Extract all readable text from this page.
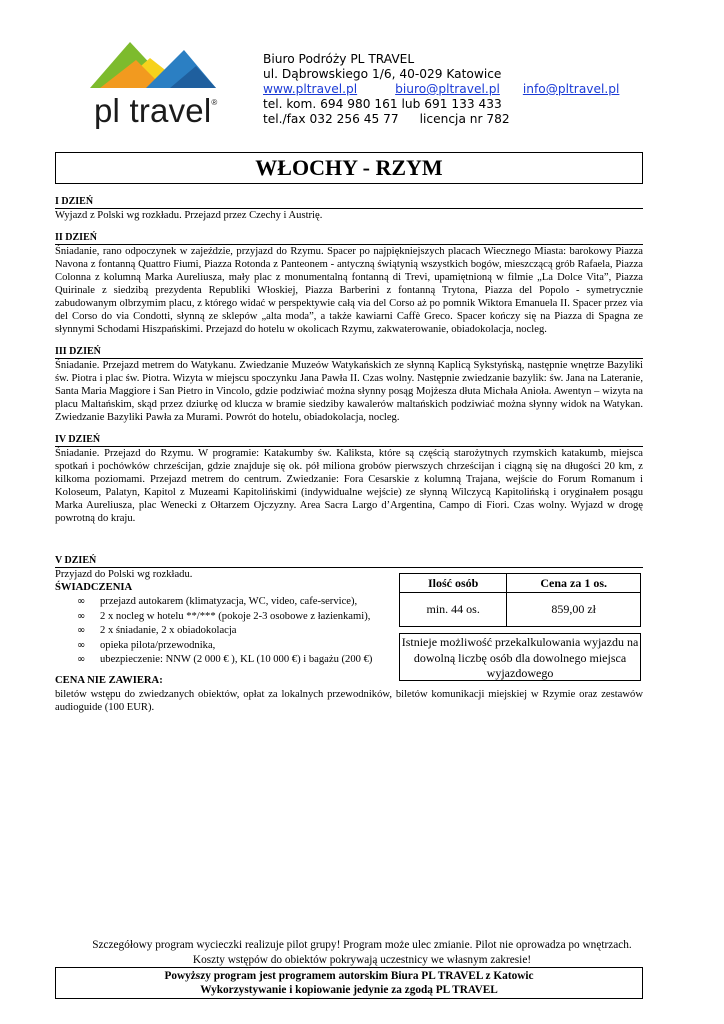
pl travel®
Biuro Podróży PL TRAVEL
ul. Dąbrowskiego 1/6, 40-029 Katowice
www.pltravel.pl	biuro@pltravel.pl info@pltravel.pl
tel. kom. 694 980 161 lub 691 133 433
tel./fax 032 256 45 77 licencja nr 782
WŁOCHY - RZYM
I DZIEŃ
Wyjazd z Polski wg rozkładu. Przejazd przez Czechy i Austrię.
II DZIEŃ
Śniadanie, rano odpoczynek w zajeździe, przyjazd do Rzymu. Spacer po najpiękniejszych placach Wiecznego Miasta: barokowy Piazza Navona z fontanną Quattro Fiumi, Piazza Rotonda z Panteonem - antyczną świątynią wszystkich bogów, mieszczącą grób Rafaela, Piazza Colonna z kolumną Marka Aureliusza, mały plac z monumentalną fontanną di Trevi, upamiętnioną w filmie „La Dolce Vita”, Piazza Quirinale z siedzibą prezydenta Republiki Włoskiej, Piazza Barberini z fontanną Trytona, Piazza del Popolo - symetrycznie zabudowanym olbrzymim placu, z którego widać w perspektywie całą via del Corso aż po pomnik Wiktora Emanuela II. Spacer przez via del Corso do via Condotti, słynną ze sklepów „alta moda”, a także kawiarni Caffè Greco. Spacer kończy się na Piazza di Spagna ze słynnymi Schodami Hiszpańskimi. Przejazd do hotelu w okolicach Rzymu, zakwaterowanie, obiadokolacja, nocleg.
III DZIEŃ
Śniadanie. Przejazd metrem do Watykanu. Zwiedzanie Muzeów Watykańskich ze słynną Kaplicą Sykstyńską, następnie wnętrze Bazyliki św. Piotra i plac św. Piotra. Wizyta w miejscu spoczynku Jana Pawła II. Czas wolny. Następnie zwiedzanie bazylik: św. Jana na Lateranie, Santa Maria Maggiore i San Pietro in Vincolo, gdzie podziwiać można słynny posąg Mojżesza dłuta Michała Anioła. Awentyn – wizyta na placu Maltańskim, skąd przez dziurkę od klucza w bramie siedziby kawalerów maltańskich podziwiać można słynny widok na Watykan. Zwiedzanie Bazyliki Pawła za Murami. Powrót do hotelu, obiadokolacja, nocleg.
IV DZIEŃ
Śniadanie. Przejazd do Rzymu. W programie: Katakumby św. Kaliksta, które są częścią starożytnych rzymskich katakumb, miejsca spotkań i pochówków chrześcijan, gdzie znajduje się ok. pół miliona grobów pierwszych chrześcijan i ciągną się na długości 20 km, z kilkoma poziomami. Przejazd metrem do centrum. Zwiedzanie: Fora Cesarskie z kolumną Trajana, wejście do Forum Romanum i Koloseum, Palatyn, Kapitol z Muzeami Kapitolińskimi (indywidualne wejście) ze słynną Wilczycą Kapitolińską i oryginałem posągu Marka Aureliusza, plac Wenecki z Ołtarzem Ojczyzny. Area Sacra Largo d’Argentina, Campo di Fiori. Czas wolny. Wyjazd w drogę powrotną do kraju.
V DZIEŃ
Przyjazd do Polski wg rozkładu.
ŚWIADCZENIA
∞ przejazd autokarem (klimatyzacja, WC, video, cafe-service),
∞ 2 x nocleg w hotelu **/*** (pokoje 2-3 osobowe z łazienkami),
∞ 2 x śniadanie, 2 x obiadokolacja
∞ opieka pilota/przewodnika,
∞ ubezpieczenie: NNW (2 000 € ), KL (10 000 €) i bagażu (200 €)
Ilość osób	Cena za 1 os.
min. 44 os.	859,00 zł
Istnieje możliwość przekalkulowania wyjazdu na dowolną liczbę osób dla dowolnego miejsca wyjazdowego
CENA NIE ZAWIERA:
biletów wstępu do zwiedzanych obiektów, opłat za lokalnych przewodników, biletów komunikacji miejskiej w Rzymie oraz zestawów audioguide (100 EUR).
Szczegółowy program wycieczki realizuje pilot grupy! Program może ulec zmianie. Pilot nie oprowadza po wnętrzach.
Koszty wstępów do obiektów pokrywają uczestnicy we własnym zakresie!
Powyższy program jest programem autorskim Biura PL TRAVEL z Katowic
Wykorzystywanie i kopiowanie jedynie za zgodą PL TRAVEL
